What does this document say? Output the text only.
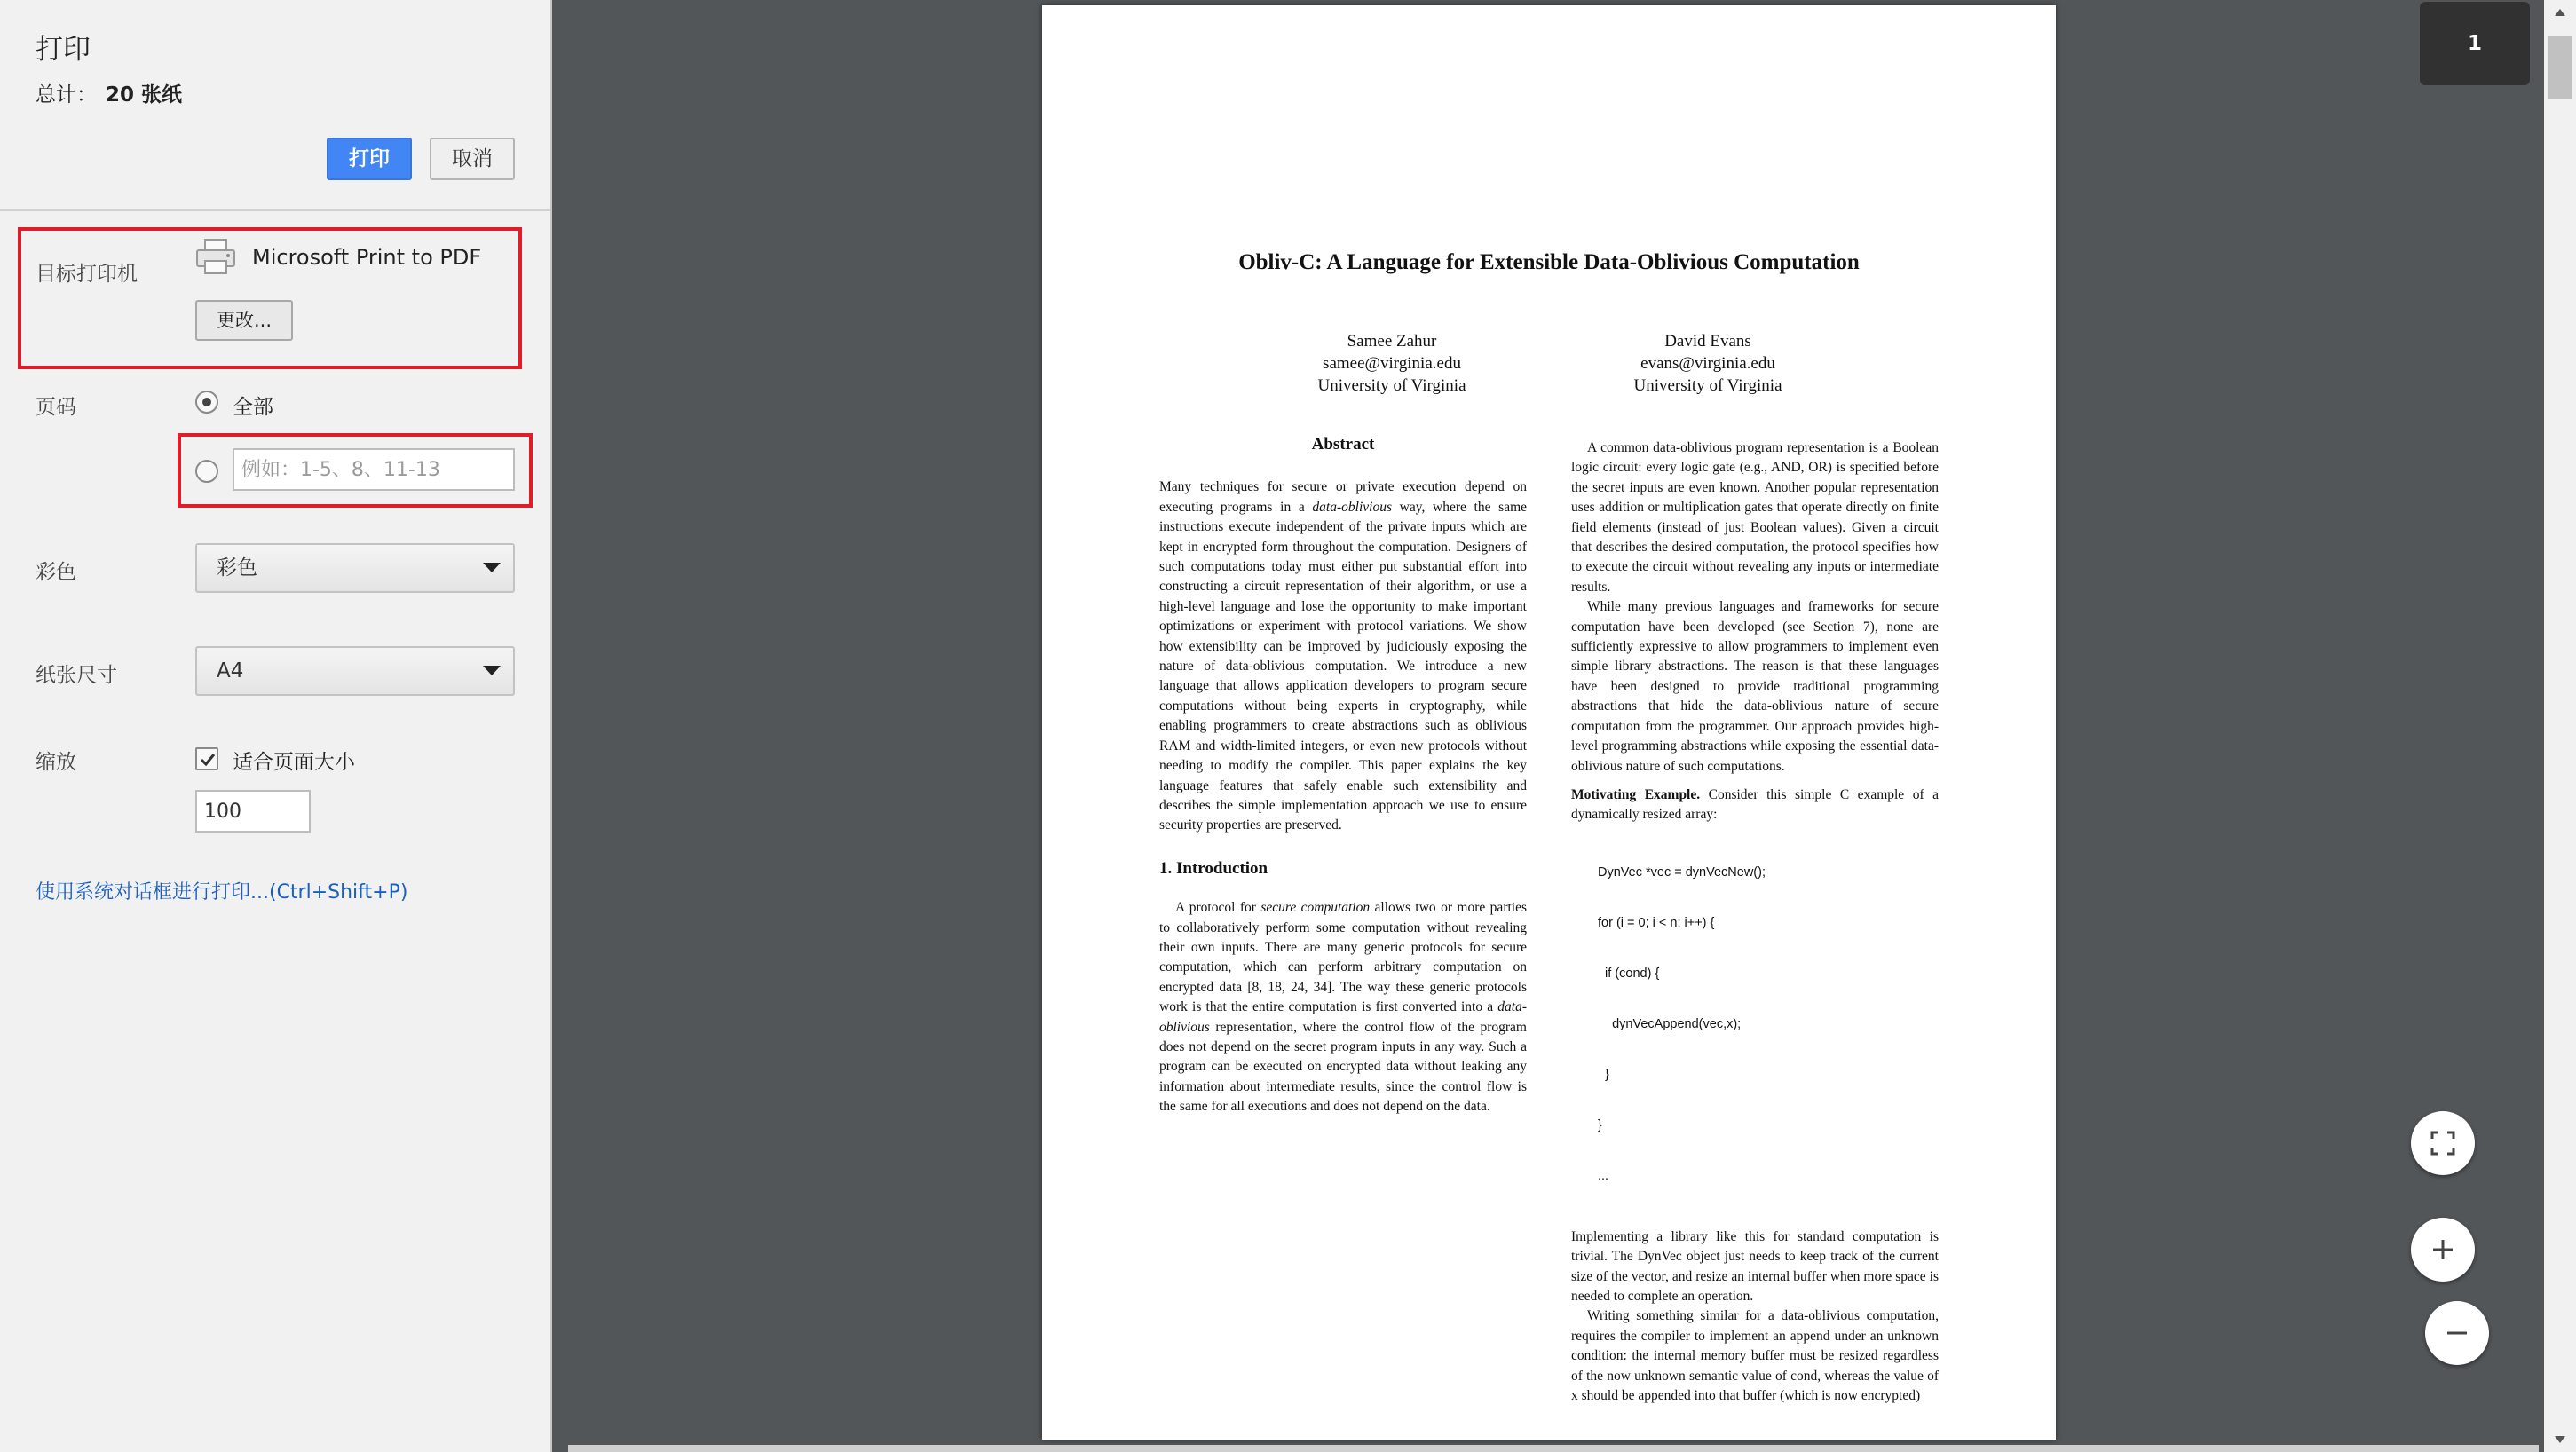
打印
总计： 20 张纸
打印	取消
目标打印机
Microsoft Print to PDF
更改...
页码	全部
例如：1-5、8、11-13
彩色	彩色
纸张尺寸	A4
缩放	适合页面大小
100
使用系统对话框进行打印...(Ctrl+Shift+P)
Obliv-C: A Language for Extensible Data-Oblivious Computation
Samee Zahur
samee@virginia.edu
University of Virginia
David Evans
evans@virginia.edu
University of Virginia

Abstract

Many techniques for secure or private execution depend on executing programs in a data-oblivious way, where the same instructions execute independent of the private inputs which are kept in encrypted form throughout the computation. Designers of such computations today must either put substantial effort into constructing a circuit representation of their algorithm, or use a high-level language and lose the opportunity to make important optimizations or experiment with protocol variations. We show how extensibility can be improved by judiciously exposing the nature of data-oblivious computation. We introduce a new language that allows application developers to program secure computations without being experts in cryptography, while enabling programmers to create abstractions such as oblivious RAM and width-limited integers, or even new protocols without needing to modify the compiler. This paper explains the key language features that safely enable such extensibility and describes the simple implementation approach we use to ensure security properties are preserved.

1. Introduction

A protocol for secure computation allows two or more parties to collaboratively perform some computation without revealing their own inputs. There are many generic protocols for secure computation, which can perform arbitrary computation on encrypted data [8, 18, 24, 34]. The way these generic protocols work is that the entire computation is first converted into a data-oblivious representation, where the control flow of the program does not depend on the secret program inputs in any way. Such a program can be executed on encrypted data without leaking any information about intermediate results, since the control flow is the same for all executions and does not depend on the data.

A common data-oblivious program representation is a Boolean logic circuit: every logic gate (e.g., AND, OR) is specified before the secret inputs are even known. Another popular representation uses addition or multiplication gates that operate directly on finite field elements (instead of just Boolean values). Given a circuit that describes the desired computation, the protocol specifies how to execute the circuit without revealing any inputs or intermediate results.

While many previous languages and frameworks for secure computation have been developed (see Section 7), none are sufficiently expressive to allow programmers to implement even simple library abstractions. The reason is that these languages have been designed to provide traditional programming abstractions that hide the data-oblivious nature of secure computation from the programmer. Our approach provides high-level programming abstractions while exposing the essential data-oblivious nature of such computations.

Motivating Example. Consider this simple C example of a dynamically resized array:

DynVec *vec = dynVecNew();

for (i = 0; i < n; i++) {

if (cond) {

dynVecAppend(vec,x);

}

}

...

Implementing a library like this for standard computation is trivial. The DynVec object just needs to keep track of the current size of the vector, and resize an internal buffer when more space is needed to complete an operation.

Writing something similar for a data-oblivious computation, requires the compiler to implement an append under an unknown condition: the internal memory buffer must be resized regardless of the now unknown semantic value of cond, whereas the value of x should be appended into that buffer (which is now encrypted)

1
